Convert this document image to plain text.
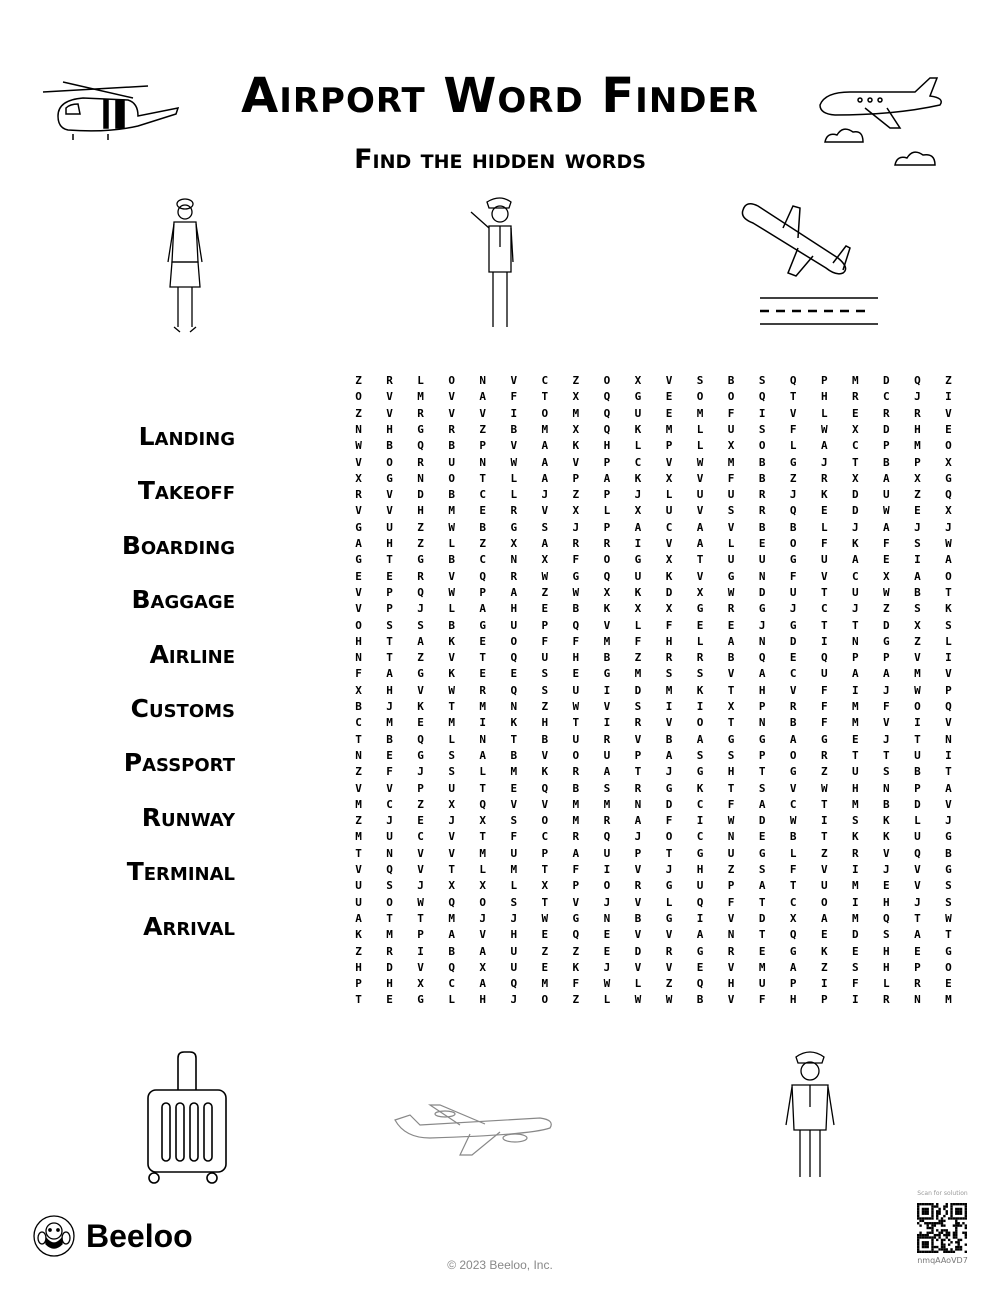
Airport Word Finder
Find the hidden words
Landing
Takeoff
Boarding
Baggage
Airline
Customs
Passport
Runway
Terminal
Arrival
Z	R	L	O	N	V	C	Z	O	X	V	S	B	S	Q	P	M	D	Q	Z
O	V	M	V	A	F	T	X	Q	G	E	O	O	Q	T	H	R	C	J	I
Z	V	R	V	V	I	O	M	Q	U	E	M	F	I	V	L	E	R	R	V
N	H	G	R	Z	B	M	X	Q	K	M	L	U	S	F	W	X	D	H	E
W	B	Q	B	P	V	A	K	H	L	P	L	X	O	L	A	C	P	M	O
V	O	R	U	N	W	A	V	P	C	V	W	M	B	G	J	T	B	P	X
X	G	N	O	T	L	A	P	A	K	X	V	F	B	Z	R	X	A	X	G
R	V	D	B	C	L	J	Z	P	J	L	U	U	R	J	K	D	U	Z	Q
V	V	H	M	E	R	V	X	L	X	U	V	S	R	Q	E	D	W	E	X
G	U	Z	W	B	G	S	J	P	A	C	A	V	B	B	L	J	A	J	J
A	H	Z	L	Z	X	A	R	R	I	V	A	L	E	O	F	K	F	S	W
G	T	G	B	C	N	X	F	O	G	X	T	U	U	G	U	A	E	I	A
E	E	R	V	Q	R	W	G	Q	U	K	V	G	N	F	V	C	X	A	O
V	P	Q	W	P	A	Z	W	X	K	D	X	W	D	U	T	U	W	B	T
V	P	J	L	A	H	E	B	K	X	X	G	R	G	J	C	J	Z	S	K
O	S	S	B	G	U	P	Q	V	L	F	E	E	J	G	T	T	D	X	S
H	T	A	K	E	O	F	F	M	F	H	L	A	N	D	I	N	G	Z	L
N	T	Z	V	T	Q	U	H	B	Z	R	R	B	Q	E	Q	P	P	V	I
F	A	G	K	E	E	S	E	G	M	S	S	V	A	C	U	A	A	M	V
X	H	V	W	R	Q	S	U	I	D	M	K	T	H	V	F	I	J	W	P
B	J	K	T	M	N	Z	W	V	S	I	I	X	P	R	F	M	F	O	Q
C	M	E	M	I	K	H	T	I	R	V	O	T	N	B	F	M	V	I	V
T	B	Q	L	N	T	B	U	R	V	B	A	G	G	A	G	E	J	T	N
N	E	G	S	A	B	V	O	U	P	A	S	S	P	O	R	T	T	U	I
Z	F	J	S	L	M	K	R	A	T	J	G	H	T	G	Z	U	S	B	T
V	V	P	U	T	E	Q	B	S	R	G	K	T	S	V	W	H	N	P	A
M	C	Z	X	Q	V	V	M	M	N	D	C	F	A	C	T	M	B	D	V
Z	J	E	J	X	S	O	M	R	A	F	I	W	D	W	I	S	K	L	J
M	U	C	V	T	F	C	R	Q	J	O	C	N	E	B	T	K	K	U	G
T	N	V	V	M	U	P	A	U	P	T	G	U	G	L	Z	R	V	Q	B
V	Q	V	T	L	M	T	F	I	V	J	H	Z	S	F	V	I	J	V	G
U	S	J	X	X	L	X	P	O	R	G	U	P	A	T	U	M	E	V	S
U	O	W	Q	O	S	T	V	J	V	L	Q	F	T	C	O	I	H	J	S
A	T	T	M	J	J	W	G	N	B	G	I	V	D	X	A	M	Q	T	W
K	M	P	A	V	H	E	Q	E	V	V	A	N	T	Q	E	D	S	A	T
Z	R	I	B	A	U	Z	Z	E	D	R	G	R	E	G	K	E	H	E	G
H	D	V	Q	X	U	E	K	J	V	V	E	V	M	A	Z	S	H	P	O
P	H	X	C	A	Q	M	F	W	L	Z	Q	H	U	P	I	F	L	R	E
T	E	G	L	H	J	O	Z	L	W	W	B	V	F	H	P	I	R	N	M
Beeloo
© 2023 Beeloo, Inc.
Scan for solution
nmqAAoVD7
